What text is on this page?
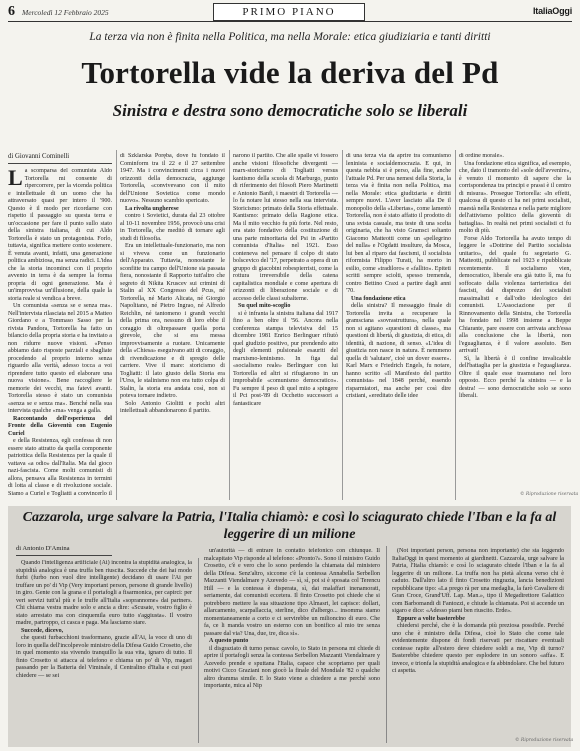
6 Mercoledì 12 Febbraio 2025	PRIMO PIANO	ItaliaOggi
La terza via non è finita nella Politica, ma nella Morale: etica giudiziaria e tanti diritti
Tortorella vide la deriva del Pd
Sinistra e destra sono democratiche solo se liberali
di Giovanni Cominelli

La scomparsa del comunista Aldo Tortorella mi consente di ripercorrere, per la vicenda politica e intellettuale di un uomo che ha attraversato quasi per intero il '900. Questo è il modo per ricordarne con rispetto il passaggio su questa terra e un'occasione per fare il punto sullo stato della sinistra italiana, di cui Aldo Tortorella è stato un protagonista. Forlo, tuttavia, significa mettere conto sostenere. È venuta avanti, infatti, una generazione politica ambiziosa, ma senza radici. L'idea che la storia incominci con il proprio avvento in terra è da sempre la forma propria di ogni generazione. Ma è un'improvvisa un'illusione, della quale la storia reale si vendica a breve.

Un comunista «senza se e senza ma». Nell'intervista rilasciata nel 2015 a Matteo Giordano e a Tommaso Sasso per la rivista Pandora, Tortorella ha fatto un bilancio della propria storia e ha invitato a non ridurre nuove visioni. «Penso abbiamo dato risposte parziali e sbagliate procedendo al proprio interno senza riguardo alla verità, adesso tocca a voi riprendere tutto questo ed elaborare una nuova visione». Bene raccogliere le memorie dei vecchi, ma fatevi avanti. Tortorella stesso è stato un comunista «senza se e senza ma». Benché nella sua intervista qualche «ma» venga a galla.

Raccontando dell'esperienza del Fronte della Gioventù con Eugenio Curiel

e della Resistenza, egli confessa di non essere stato attratto da quella componente patriottica della Resistenza per la quale il vattava «a odio» dall'Italia. Ma dal gioco nazi-fascista. Come molti comunisti di allora, pensava alla Resistenza in termini di lotta al classe e di rivoluzione sociale. Siamo a Curiel e Togliatti a convincerlo il

di Szklarska Poręba, dove fu fondato il Cominform tra il 22 e il 27 settembre 1947. Ma i convincimenti circa i nuovi orizzonti della democrazia, aggiunge Tortorella, «convivevano con il mito dell'Unione Sovietica come mondo nuovo». Nessuno scambio spericato.

La rivolta ungherese

contro i Sovietici, durata dal 23 ottobre al 10-11 novembre 1956, provocò una crisi in Tortorella, che meditò di tornare agli studi di filosofia.

Era un intellettuale-funzionario, ma non si viveva come un funzionario dell'Apparato. Tuttavia, nonostante le sconfitte tra campo dell'Unione sia passata fiera, nonostante il Rapporto tutt'altro che segreto di Nikita Kruscev sui crimini di Stalin al XX Congresso del Pcus, né Tortorella, né Mario Alicata, né Giorgio Napolitano, né Pietro Ingrao, né Alfredo Reichlin, né tantomeno i grandi vecchi della prima ora, nessuno di loro ebbe il coraggio di oltrepassare quella porta girevole, che si era messa improvvisamente a ruotare. Unicamente della «Chiesa» eseguivano atti di coraggio, di rivendicazione e di spregio delle carriere. Vive il mare: storicismo di Togliatti: il lato giusto della Storia era l'Urss, le stalinismo non era tutto colpa di Stalin, la storia era andata così, non si poteva tornare indietro.

Solo Antonio Giolitti e pochi altri intellettuali abbandonarono il partito.

narono il partito. Che alle spalle vi fossero anche visioni filosofiche divergenti — marx-storicismo di Togliatti versus kantismo della scuola di Marburgo, punto di riferimento dei filosofi Piero Martinetti e Antonio Banfi, i maestri di Tortorella — lo fa notare lui stesso nella sua intervista. Storicismo: primato della Storia effettuale. Kantismo: primato della Ragione etica. Ma il mito vecchio fu più forte. Nel resto, era stato fondativo della costituzione di una parte minoritaria del Psi in «Partito comunista d'Italia» nel 1921. Esso conteneva nel pensare il colpo di stato bolscevico del '17, perpetrato a opera di un gruppo di giacobini robespierristi, come la rottura irreversibile della catena capitalistica mondiale e come apertura di orizzonti di liberazione sociale e di accesso delle classi subalterne.

Su quel mito-scoglio

si è infranta la sinistra italiana dal 1917 fino a ben oltre il '56. Ancora nella conferenza stampa televisiva del 15 dicembre 1981 Enrico Berlinguer rifiutò quel giudizio positivo, pur prendendo atto degli elementi pulsionale esauriti del marxismo-leninismo. In figa dal «socialismo reale» Berlinguer con lui Tortorella ed altri si rifugiarono in un improbabile «comunismo democratico». Fu sempre il peso di quel mito a spingere il Pci post-'89 di Occhetto successori a fantasticare

di una terza via da aprire tra comunismo leninista e socialdemocrazia. E qui, in questa nebbia si è perso, alla fine, anche l'attuale Pd. Per una nemesi della Storia, la terza via è finita non nella Politica, ma nella Morale: etica giudiziaria e diritti sempre nuovi. L'aver lasciato alla De il monopolio della «Libertas», come lamentò Tortorella, non è stato affatto il prodotto di una svista casuale, ma teste di una scelta originaria, che ha visto Gramsci soltanto Giacomo Matteotti come un «pellegrino del nulla» e l'Ogdatti insulture, da Mosca, lui ben al riparo dai fascismi, il socialista riformista Filippo Turati, ha morto in esilio, come «tradiloro» e «fallito». Epiteti scritti sempre sciolti, spesso tremenda, contro Bettino Craxi a partire dagli anni '70.

Una fondazione etica

della sinistra? Il messaggio finale di Tortorella invita a recuperare la gramsciana «sovrastruttura», nella quale non si agitano «questioni di classe», ma questioni di libertà, di giustizia, di etica, di identità, di nazione, di senso. «L'idea di giustizia non nasce in natura. È nemmeno quella di 'salutare', cioè un dover essere». Karl Marx e Friedrich Engels, fu notare, hanno scritto «Il Manifesto del partito comunista» nel 1848 perché, essendo risparmiatori, ma anche per così dire cristiani, «ereditato delle idee

di ordine morale».

Una fondazione etica significa, ad esempio, che, dato il tramonto del «sole dell'avvenire», è venuto il momento di sapere che la corrispondenza tra principi e prassi è il centro di misura». Prosegue Tortorella: «In effetti, qualcosa di questo ci ha nei primi socialisti, maestà nella Resistenza e nella parte migliore dell'attivismo politico della gioventù di battaglia». In realtà nei primi socialisti ci fu molto di più.

Forse Aldo Tortorella ha avuto tempo di leggere le «Dottrine del Partito socialista unitario», del quale fu segretario G. Matteotti, pubblicate nel 1923 e ripubblicate recentemente. Il socialismo vien, democratico, liberale era già tutto lì, ma fu soffocato dalla violenza tarrieristica dei fascisti, dal disprezzo dei socialisti massimalisti e dall'odio ideologico dei comunisti. L'Associazione per il Rinnovamento della Sinistra, che Tortorella ha fondato nel 1998 insieme a Beppe Chiarante, pare essere con arrivata anch'essa alla conclusione che la libertà, non l'eguaglianza, è il valore assoluto. Ben arrivati!

Sì, la libertà è il confine invalicabile dell'battaglia per la giustizia e l'eguaglianza. Oltre il quale esse trasmutano nel loro opposto. Ecco perché la sinistra — e la destra! — sono democratiche solo se sono liberali.

© Riproduzione riservata
Cazzarola, urge salvare la Patria, l'Italia chiamò: e così lo sciagurato chiede l'Iban e la fa al leggerire di un milione
di Antonio D'Amina

Quando l'intelligenza artificiale (Ai) incontra la stupidità analogica, la stupidità analogica è una truffa ben riuscita. Succede che dei hai modo furbi (furbo non vuol dire intelligente) decidano di usare l'Ai per truffare un po' di Vip (Very important person, persone di grande livello) in giro. Gente con la grana e il portafogli a fisarmonica, per capirci: per veri servizi tutt'al più e le truffe all'Italia «soprannome» dai partners. Chi chiama vestra madre solo e ancia a dire: «Scusate, vostro figlio è stato arrestato ma con cinquemila euro tutto s'aggiusta». Il vostro madre, partroppo, ci casca e paga. Ma lasciamo stare.

Succede, dicevo,

che questi furbacchioni trasformano, grazie all'Ai, la voce di uno di loro in quella dell'incolpevole ministro della Difesa Guido Crosetto, che in quel momento sta vivendo tranquillo la sua vita, ignaro di tutto. Il finto Crosetto si attacca al telefono e chiama un po' di Vip, magari passando per la Batteria del Viminale, il Centralino d'Italia e cui puoi chiedere — se sei

un'autorità — di entrare in contatto telefonico con chiunque. Il malcapitato Vip risponde al telefono: «Pronto?». Sono il ministro Guido Crosetto, c'è e vero che lo sono perdendo la chiamata dal ministero della Difesa. Senz'altro, siccome c'è la contessa Annabella Serbellon Mazzanti Viendalmare y Azevedo — sì, sì, poi si è sposata col Terencu Hill — e la contessa è disperata, sì, dai malaffari inenamorati, seriamente, dai comunisti eccetera. Il finto Crosetto poi chiede che si potrebbero mettere la sua situazione tipo Almasri, lei capisce: dollari, allarcamento, scarpallaccia, sterline, dico d'albergo... insomma siamo momentaneamente a corto e ci servirebbe un milioncino di euro. Che fa, ce li manda vostro un esterno con un bonifico al mio tre senza passare dal via? Una, due, tre, dica sì».

A questo punto

il disgraziato di turno pensa: cavolo, io Stato in persona mi chiede di aprire il portafogli senza la contessa Serbellon Mazzanti Viendalmare y Azevedo prende e sputtana l'Italia, capace che scopriamo per quali motivi Cicco Graziani non giocò la finale del Mondiale '82 o qualche altro dramma simile. E lo Stato viene a chiedere a me perché sono importante, mica al Nip

(Not important person, persona non importante) che sta leggendo ItaliaOggi in quest momento ai giardinetti. Cazzarola, urge salvare la Patria, l'Italia chiamò: e così lo sciagurato chiede l'Iban e la fa al leggerire di un milione. La truffa non ha pietà alcuna verso chi è caduto. Dall'altro lato il finto Crosetto ringrazia, lancia benedizioni repubblicane tipo: «La prego rà per una medaglia, la farò Cavaliere di Gran Croce, Grand'Uff. Lap. Man.», tipo il Megadirettore Galattico com Barbomandi di Fantozzi, e chiude la chiamata. Poi si accende un sigaro e dice: «Adesso piami ben riuscito. Erde».

Eppure a volte basterebbe

chiedersi perché, che è la domanda più preziosa possibile. Perché uno che è ministro della Difesa, cioè lo Stato che come tale evidentemente dispone di fondi riservati per riscattare eventuali contesse rapite all'estero deve chiedere soldi a me, Vip di turno? Basterebbe chiedere questo per esplodere in un sonoro «affa». E invece, e trionfa la stupidità analogica e fa abbindolare. Che bel futuro ci aspetta.

© Riproduzione riservata
